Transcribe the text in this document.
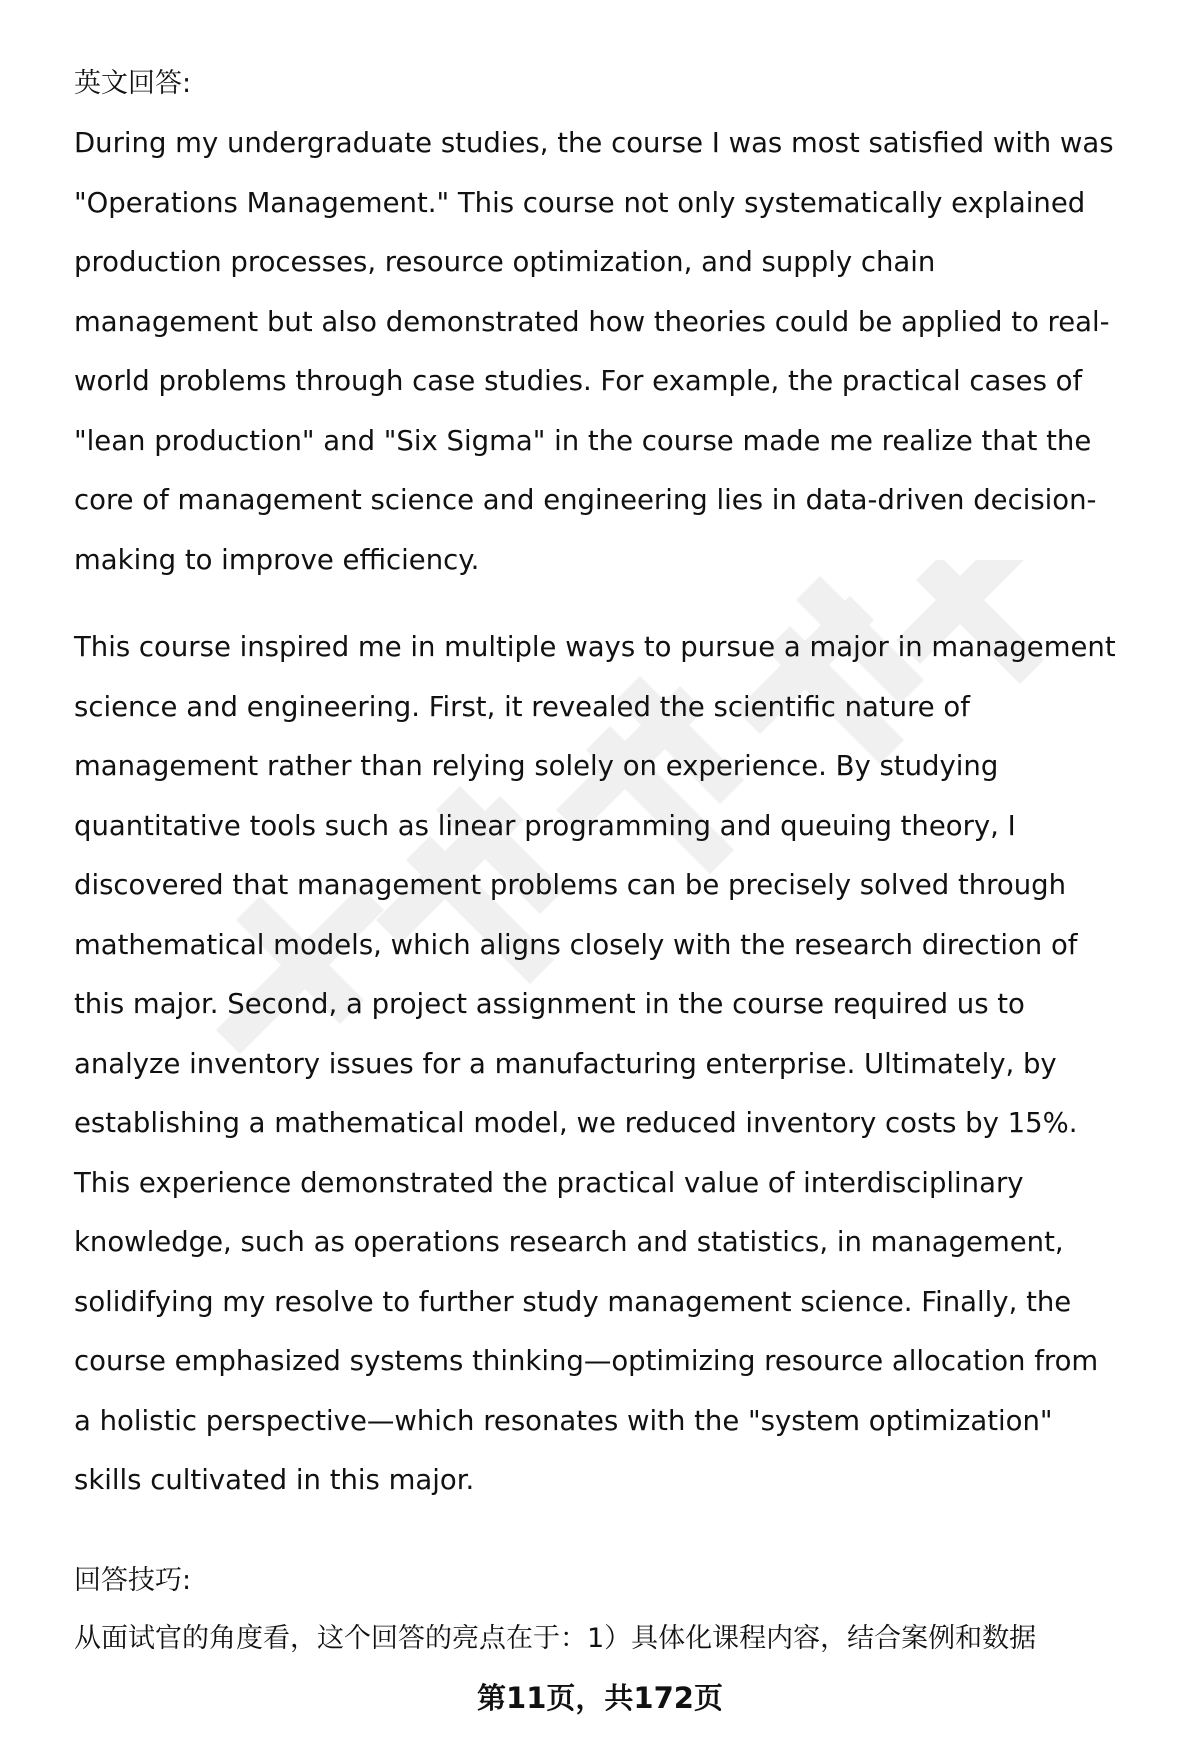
英文回答:

During my undergraduate studies, the course I was most satisfied with was
"Operations Management." This course not only systematically explained
production processes, resource optimization, and supply chain
management but also demonstrated how theories could be applied to real-
world problems through case studies. For example, the practical cases of
"lean production" and "Six Sigma" in the course made me realize that the
core of management science and engineering lies in data-driven decision-
making to improve efficiency.

This course inspired me in multiple ways to pursue a major in management
science and engineering. First, it revealed the scientific nature of
management rather than relying solely on experience. By studying
quantitative tools such as linear programming and queuing theory, I
discovered that management problems can be precisely solved through
mathematical models, which aligns closely with the research direction of
this major. Second, a project assignment in the course required us to
analyze inventory issues for a manufacturing enterprise. Ultimately, by
establishing a mathematical model, we reduced inventory costs by 15%.
This experience demonstrated the practical value of interdisciplinary
knowledge, such as operations research and statistics, in management,
solidifying my resolve to further study management science. Finally, the
course emphasized systems thinking—optimizing resource allocation from
a holistic perspective—which resonates with the "system optimization"
skills cultivated in this major.

回答技巧:

从面试官的角度看，这个回答的亮点在于：1）具体化课程内容，结合案例和数据

第11页，共172页
